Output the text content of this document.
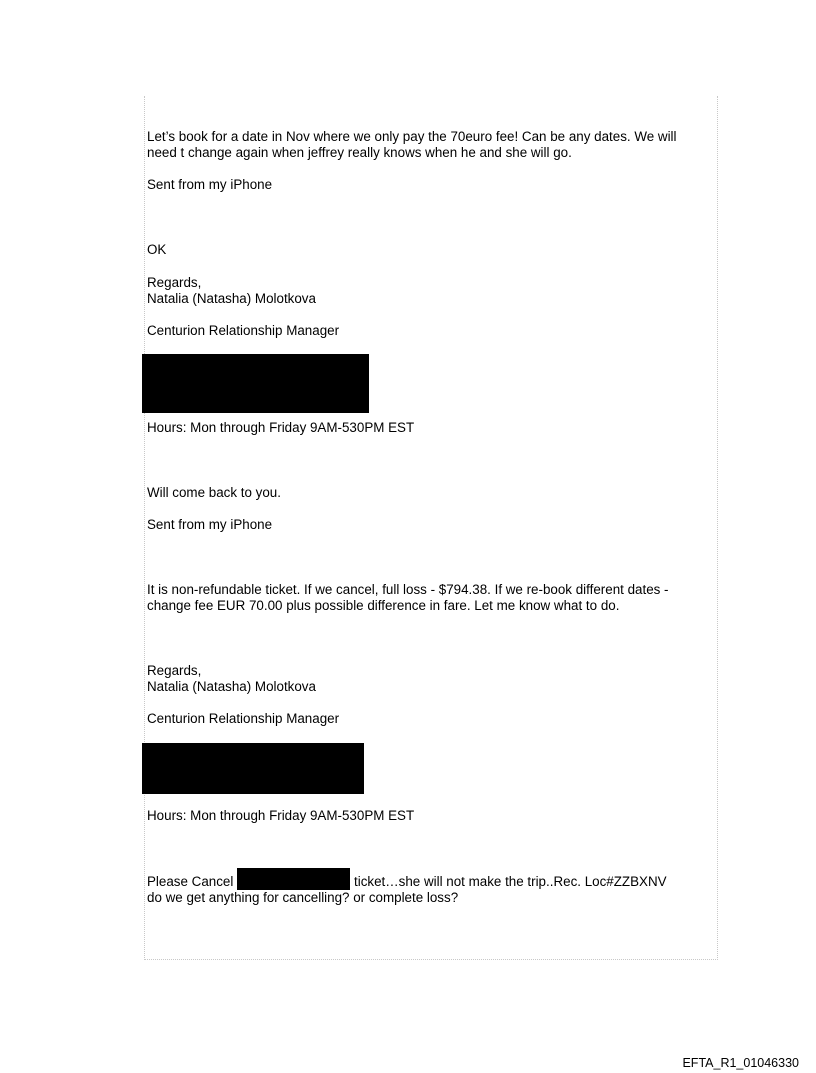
Let’s book for a date in Nov where we only pay the 70euro fee! Can be any dates. We will

need t change again when jeffrey really knows when he and she will go.

Sent from my iPhone

OK

Regards,

Natalia (Natasha) Molotkova

Centurion Relationship Manager

Hours: Mon through Friday 9AM-530PM EST

Will come back to you.

Sent from my iPhone

It is non-refundable ticket. If we cancel, full loss - $794.38. If we re-book different dates -

change fee EUR 70.00 plus possible difference in fare. Let me know what to do.

Regards,

Natalia (Natasha) Molotkova

Centurion Relationship Manager

Hours: Mon through Friday 9AM-530PM EST

Please Cancel	ticket…she will not make the trip..Rec. Loc#ZZBXNV

do we get anything for cancelling? or complete loss?

EFTA_R1_01046330
